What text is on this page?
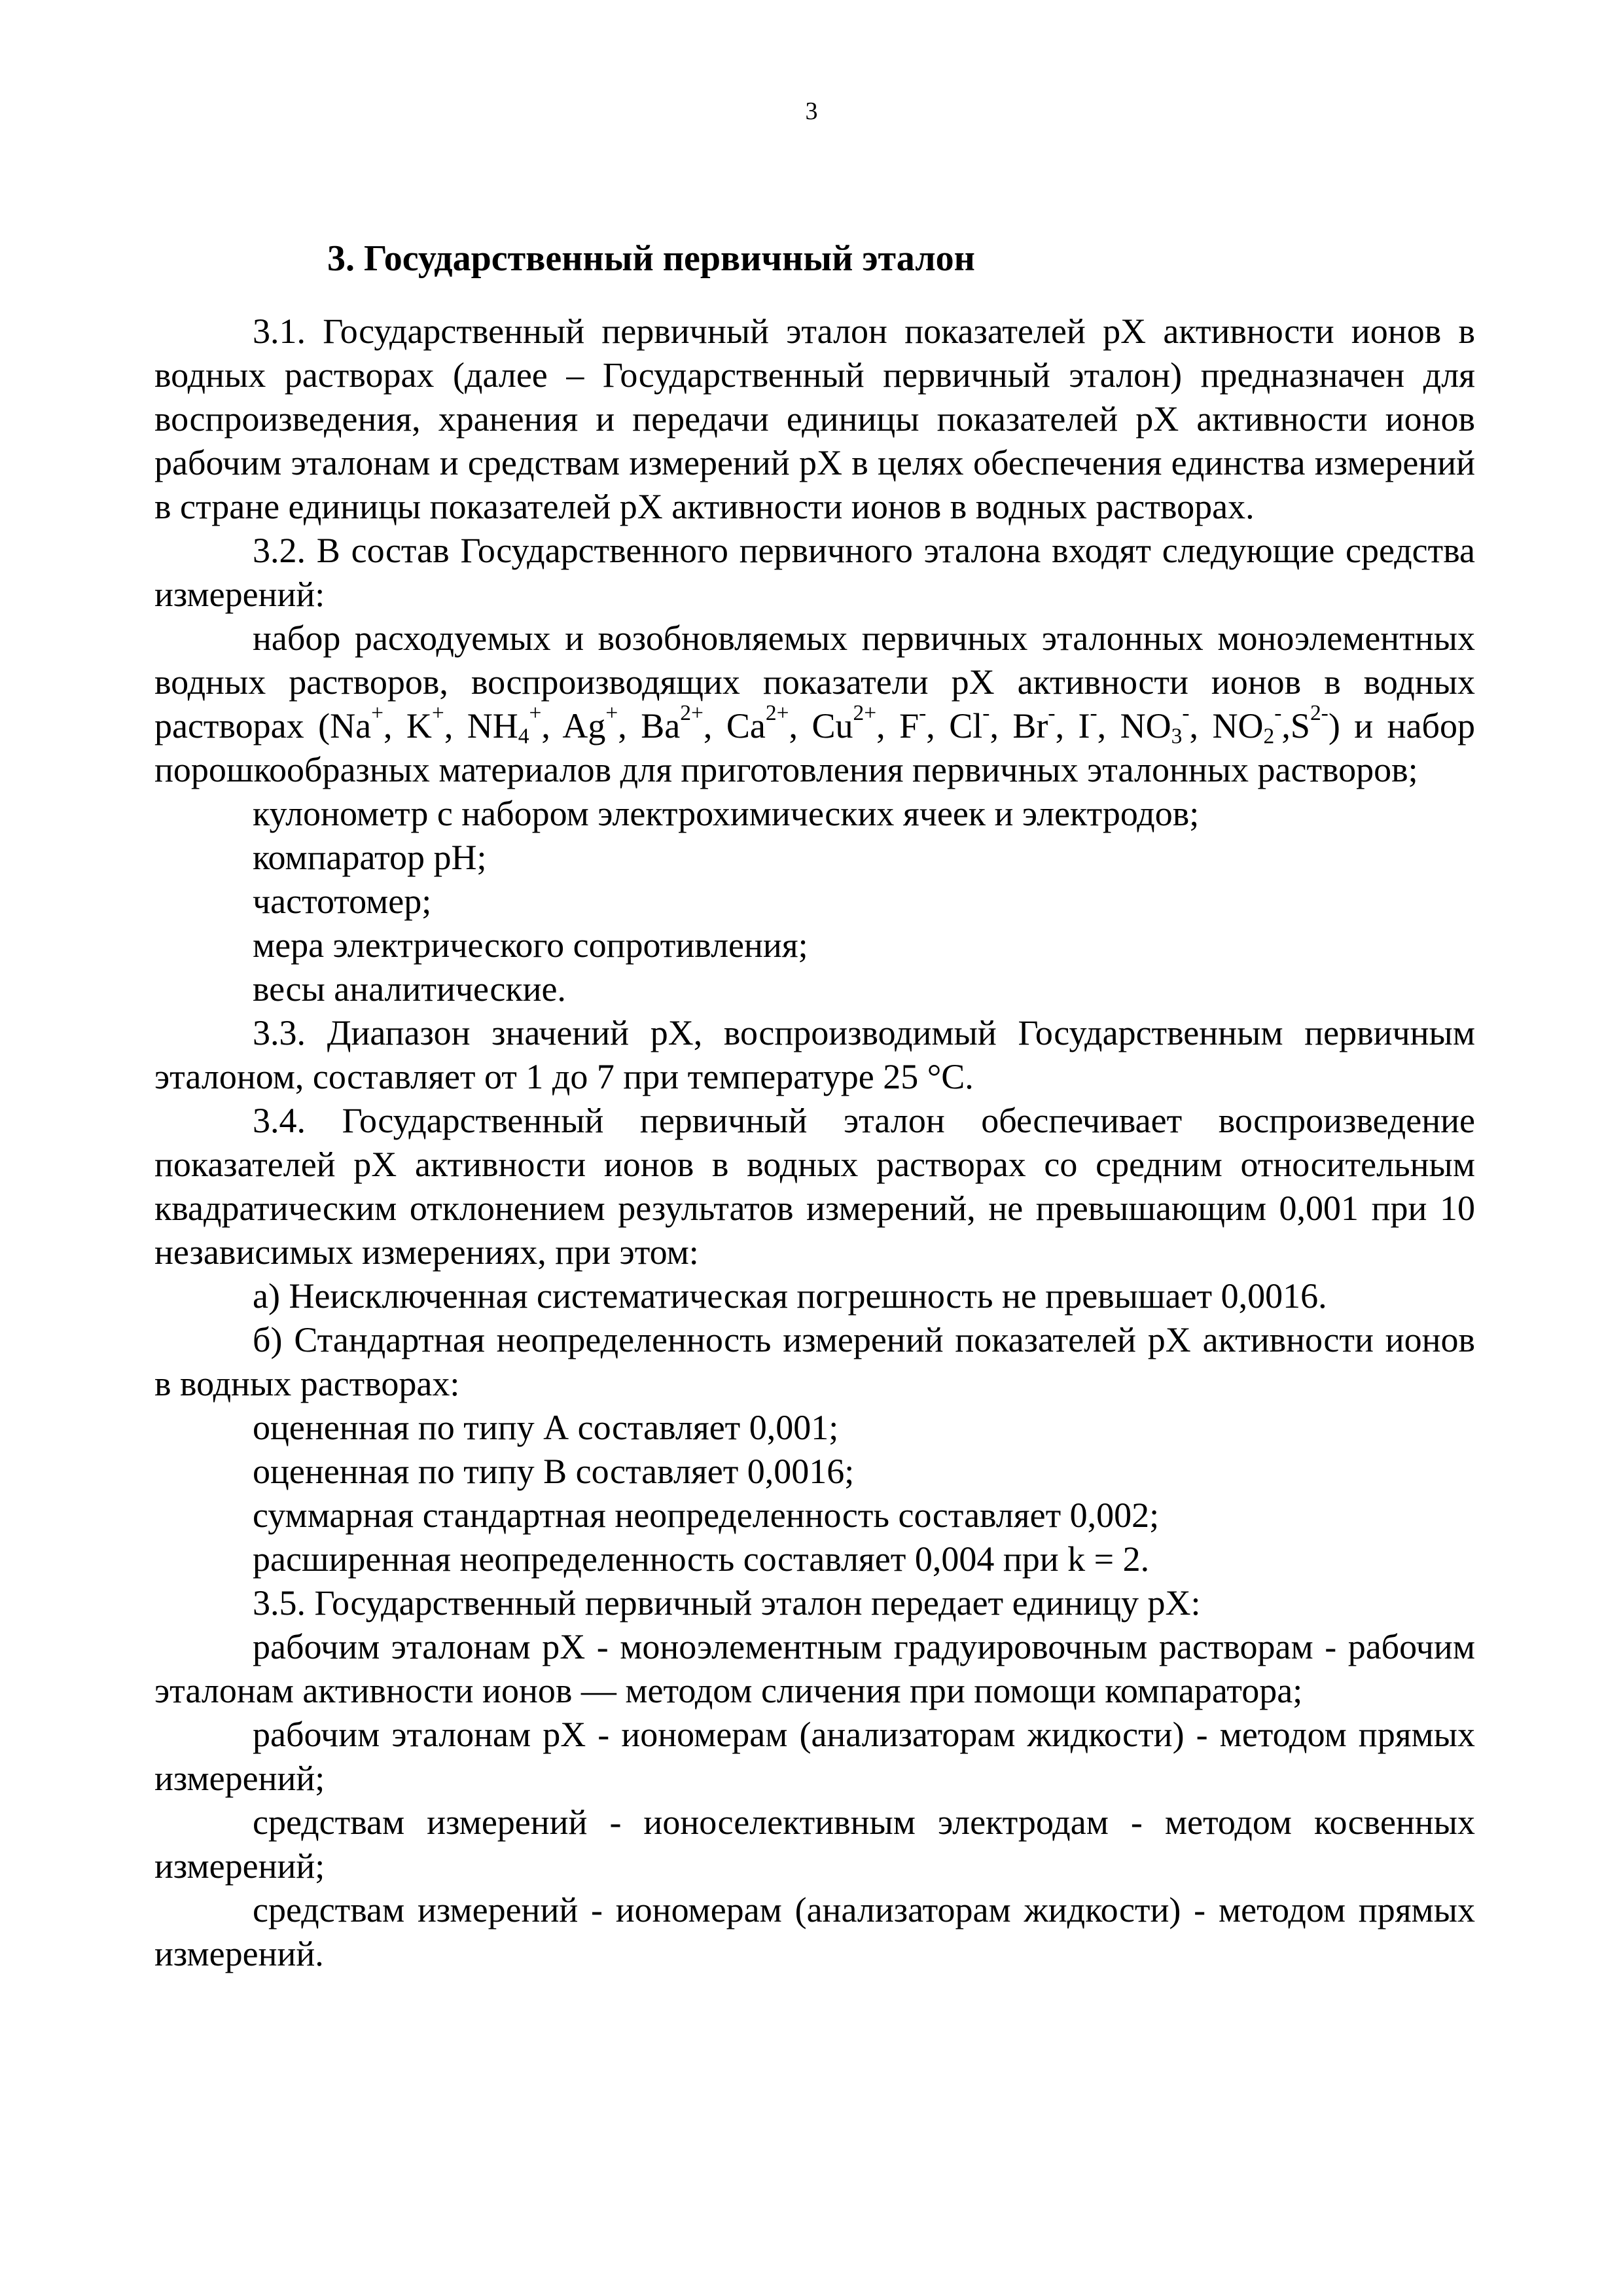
3
3. Государственный первичный эталон

3.1. Государственный первичный эталон показателей рХ активности ионов в водных растворах (далее – Государственный первичный эталон) предназначен для воспроизведения, хранения и передачи единицы показателей рХ активности ионов рабочим эталонам и средствам измерений рХ в целях обеспечения единства измерений в стране единицы показателей рХ активности ионов в водных растворах.

3.2. В состав Государственного первичного эталона входят следующие средства измерений:

набор расходуемых и возобновляемых первичных эталонных моноэлементных водных растворов, воспроизводящих показатели рХ активности ионов в водных растворах (Na+, K+, $NH_4^+$, Ag+, $Ba^{2+}$, $Ca^{2+}$, $Cu^{2+}$, F-, Cl-, Br-, I-, $NO_3^-$, $NO_2^-,S^{2-}$) и набор порошкообразных материалов для приготовления первичных эталонных растворов;

кулонометр с набором электрохимических ячеек и электродов;

компаратор рН;

частотомер;

мера электрического сопротивления;

весы аналитические.

3.3. Диапазон значений рХ, воспроизводимый Государственным первичным эталоном, составляет от 1 до 7 при температуре 25 °С.

3.4. Государственный первичный эталон обеспечивает воспроизведение показателей рХ активности ионов в водных растворах со средним относительным квадратическим отклонением результатов измерений, не превышающим 0,001 при 10 независимых измерениях, при этом:

а) Неисключенная систематическая погрешность не превышает 0,0016.

б) Стандартная неопределенность измерений показателей рХ активности ионов в водных растворах:

оцененная по типу А составляет 0,001;

оцененная по типу В составляет 0,0016;

суммарная стандартная неопределенность составляет 0,002;

расширенная неопределенность составляет 0,004 при k = 2.

3.5. Государственный первичный эталон передает единицу рХ:

рабочим эталонам рХ - моноэлементным градуировочным растворам - рабочим эталонам активности ионов — методом сличения при помощи компаратора;

рабочим эталонам рХ - иономерам (анализаторам жидкости) - методом прямых измерений;

средствам измерений - ионоселективным электродам - методом косвенных измерений;

средствам измерений - иономерам (анализаторам жидкости) - методом прямых измерений.
